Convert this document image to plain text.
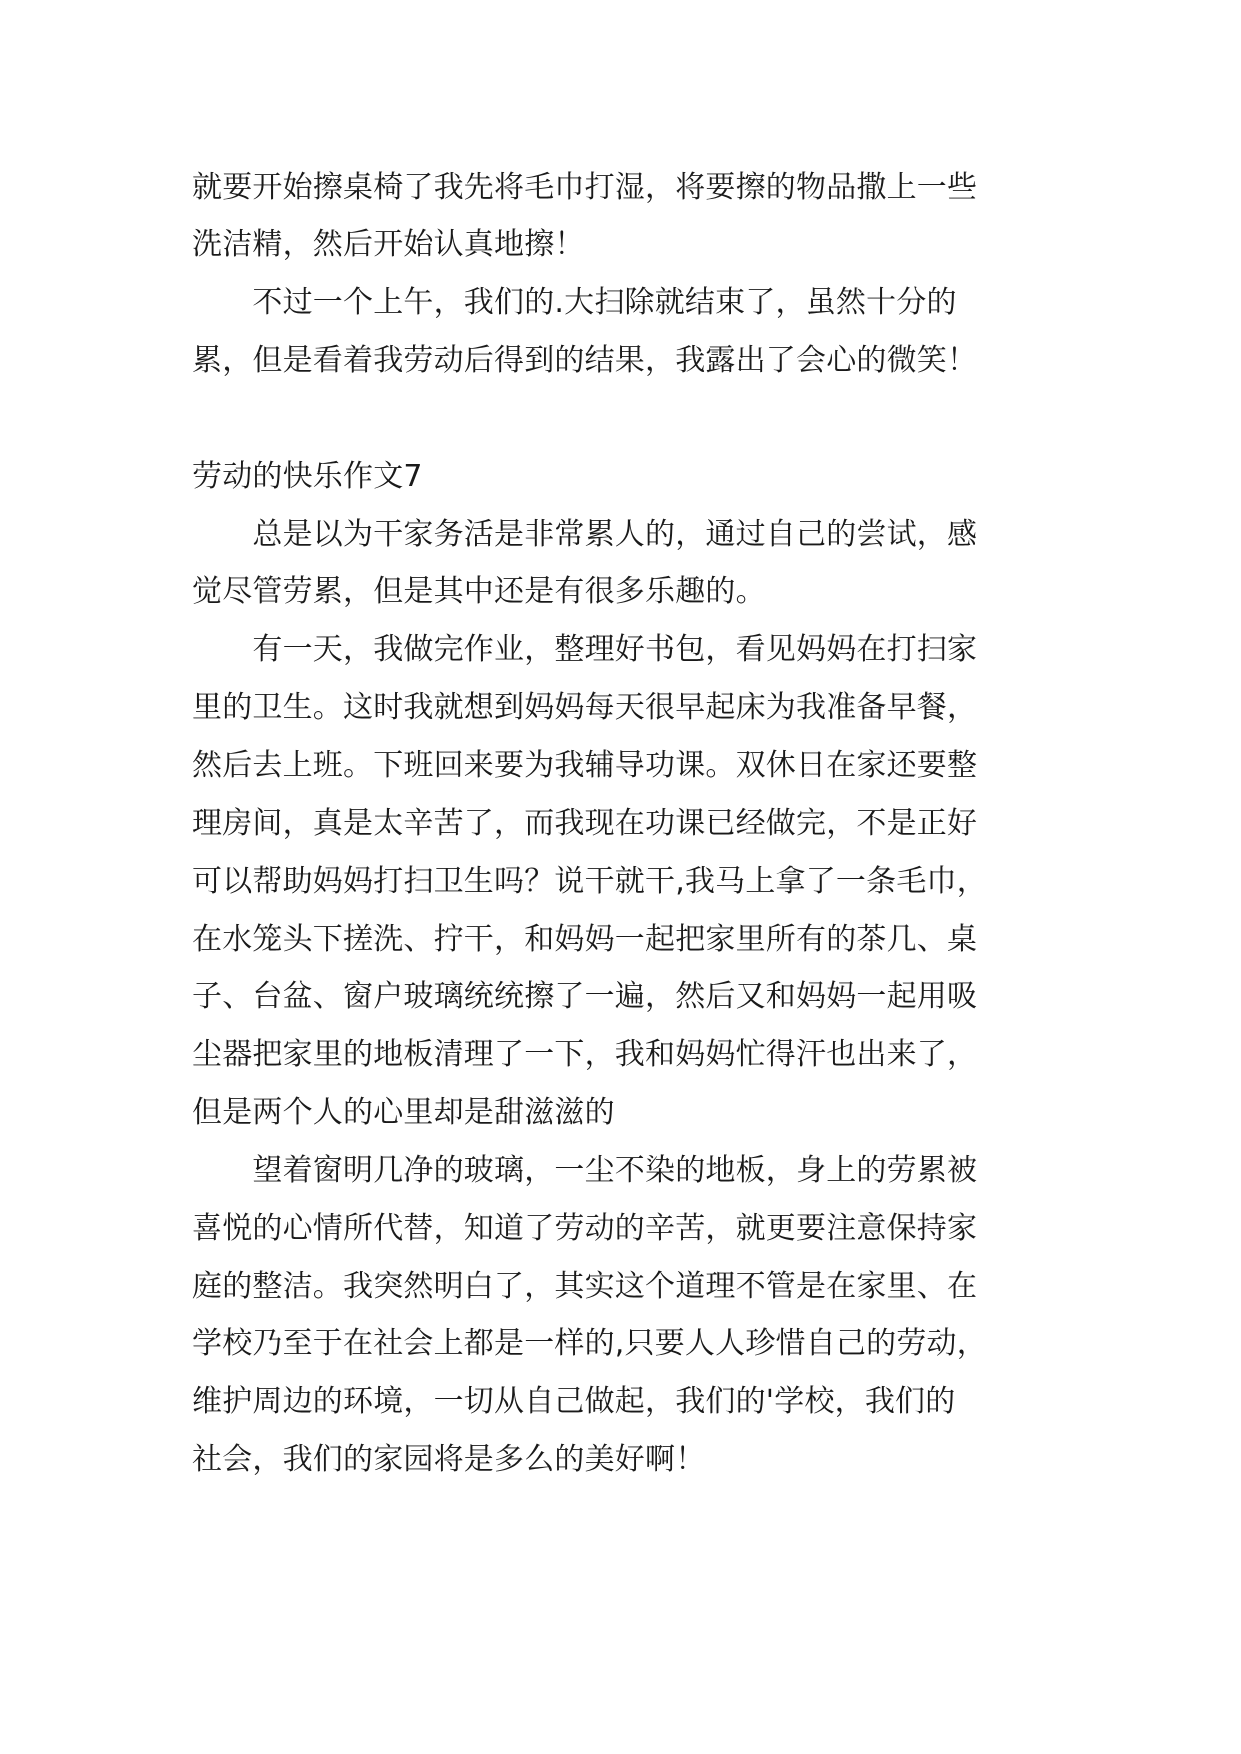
就要开始擦桌椅了我先将毛巾打湿，将要擦的物品撒上一些
洗洁精，然后开始认真地擦！
　　不过一个上午，我们的.大扫除就结束了，虽然十分的
累，但是看着我劳动后得到的结果，我露出了会心的微笑！
劳动的快乐作文7
　　总是以为干家务活是非常累人的，通过自己的尝试，感
觉尽管劳累，但是其中还是有很多乐趣的。
　　有一天，我做完作业，整理好书包，看见妈妈在打扫家
里的卫生。这时我就想到妈妈每天很早起床为我准备早餐，
然后去上班。下班回来要为我辅导功课。双休日在家还要整
理房间，真是太辛苦了，而我现在功课已经做完，不是正好
可以帮助妈妈打扫卫生吗？说干就干,我马上拿了一条毛巾，
在水笼头下搓洗、拧干，和妈妈一起把家里所有的茶几、桌
子、台盆、窗户玻璃统统擦了一遍，然后又和妈妈一起用吸
尘器把家里的地板清理了一下，我和妈妈忙得汗也出来了，
但是两个人的心里却是甜滋滋的
　　望着窗明几净的玻璃，一尘不染的地板，身上的劳累被
喜悦的心情所代替，知道了劳动的辛苦，就更要注意保持家
庭的整洁。我突然明白了，其实这个道理不管是在家里、在
学校乃至于在社会上都是一样的,只要人人珍惜自己的劳动，
维护周边的环境，一切从自己做起，我们的'学校，我们的
社会，我们的家园将是多么的美好啊！
